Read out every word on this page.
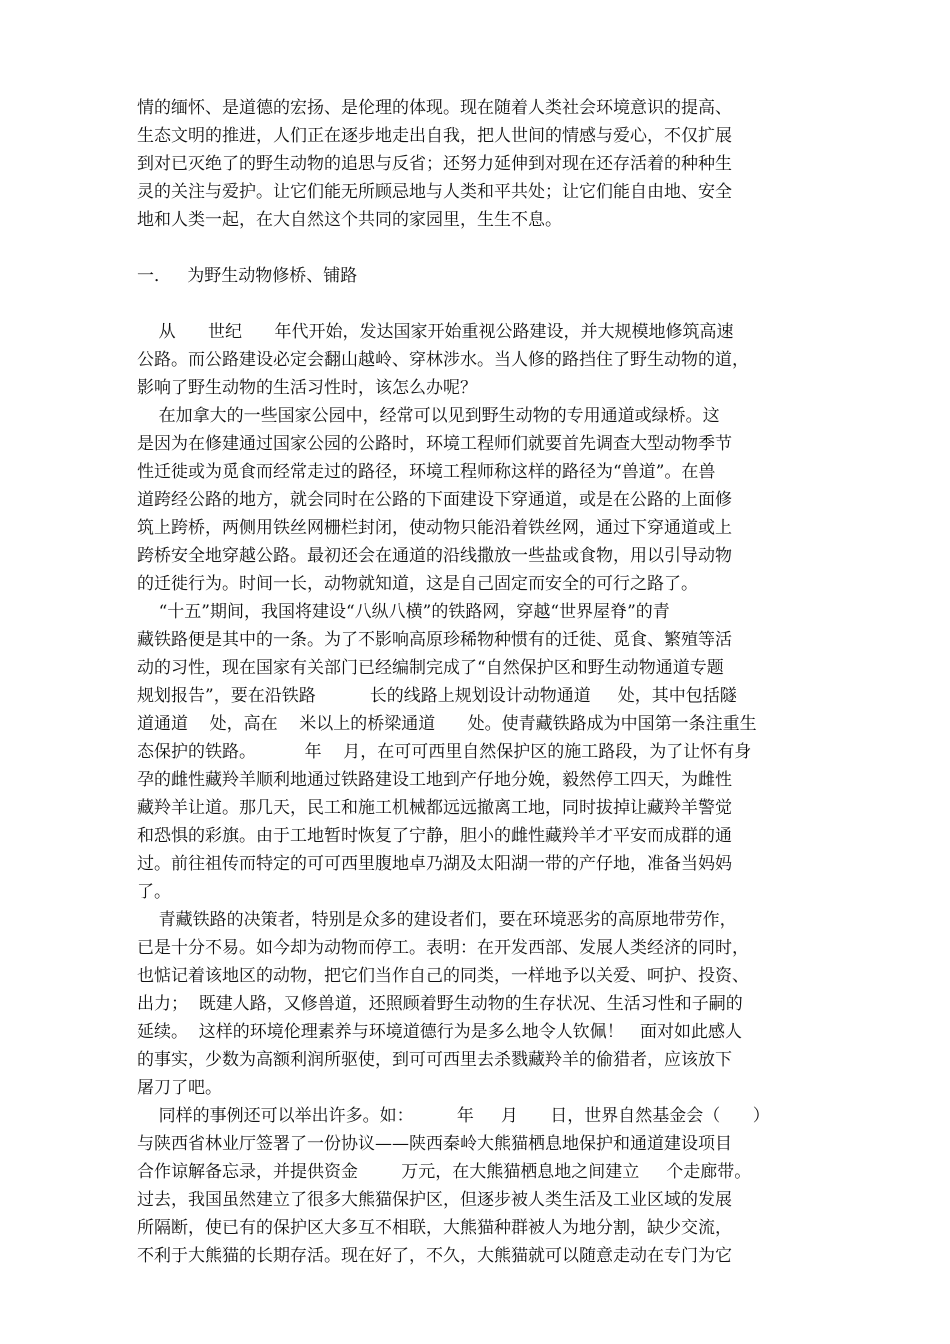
情的缅怀、是道德的宏扬、是伦理的体现。现在随着人类社会环境意识的提高、
生态文明的推进，人们正在逐步地走出自我，把人世间的情感与爱心，不仅扩展
到对已灭绝了的野生动物的追思与反省；还努力延伸到对现在还存活着的种种生
灵的关注与爱护。让它们能无所顾忌地与人类和平共处；让它们能自由地、安全
地和人类一起，在大自然这个共同的家园里，生生不息。
一．   为野生动物修桥、铺路
从      世纪      年代开始，发达国家开始重视公路建设，并大规模地修筑高速
公路。而公路建设必定会翻山越岭、穿林涉水。当人修的路挡住了野生动物的道，
影响了野生动物的生活习性时，该怎么办呢？
在加拿大的一些国家公园中，经常可以见到野生动物的专用通道或绿桥。这
是因为在修建通过国家公园的公路时，环境工程师们就要首先调查大型动物季节
性迁徙或为觅食而经常走过的路径，环境工程师称这样的路径为“兽道”。在兽
道跨经公路的地方，就会同时在公路的下面建设下穿通道，或是在公路的上面修
筑上跨桥，两侧用铁丝网栅栏封闭，使动物只能沿着铁丝网，通过下穿通道或上
跨桥安全地穿越公路。最初还会在通道的沿线撒放一些盐或食物，用以引导动物
的迁徙行为。时间一长，动物就知道，这是自己固定而安全的可行之路了。
“十五”期间，我国将建设“八纵八横”的铁路网，穿越“世界屋脊”的青
藏铁路便是其中的一条。为了不影响高原珍稀物种惯有的迁徙、觅食、繁殖等活
动的习性，现在国家有关部门已经编制完成了“自然保护区和野生动物通道专题
规划报告”，要在沿铁路          长的线路上规划设计动物通道     处，其中包括隧
道通道    处，高在    米以上的桥梁通道      处。使青藏铁路成为中国第一条注重生
态保护的铁路。         年    月，在可可西里自然保护区的施工路段，为了让怀有身
孕的雌性藏羚羊顺利地通过铁路建设工地到产仔地分娩，毅然停工四天，为雌性
藏羚羊让道。那几天，民工和施工机械都远远撤离工地，同时拔掉让藏羚羊警觉
和恐惧的彩旗。由于工地暂时恢复了宁静，胆小的雌性藏羚羊才平安而成群的通
过。前往祖传而特定的可可西里腹地卓乃湖及太阳湖一带的产仔地，准备当妈妈
了。
青藏铁路的决策者，特别是众多的建设者们，要在环境恶劣的高原地带劳作，
已是十分不易。如今却为动物而停工。表明：在开发西部、发展人类经济的同时，
也惦记着该地区的动物，把它们当作自己的同类，一样地予以关爱、呵护、投资、
出力；  既建人路，又修兽道，还照顾着野生动物的生存状况、生活习性和子嗣的
延续。  这样的环境伦理素养与环境道德行为是多么地令人钦佩！   面对如此感人
的事实，少数为高额利润所驱使，到可可西里去杀戮藏羚羊的偷猎者，应该放下
屠刀了吧。
同样的事例还可以举出许多。如：        年     月      日，世界自然基金会（      ）
与陕西省林业厅签署了一份协议——陕西秦岭大熊猫栖息地保护和通道建设项目
合作谅解备忘录，并提供资金        万元，在大熊猫栖息地之间建立     个走廊带。
过去，我国虽然建立了很多大熊猫保护区，但逐步被人类生活及工业区域的发展
所隔断，使已有的保护区大多互不相联，大熊猫种群被人为地分割，缺少交流，
不利于大熊猫的长期存活。现在好了，不久，大熊猫就可以随意走动在专门为它
